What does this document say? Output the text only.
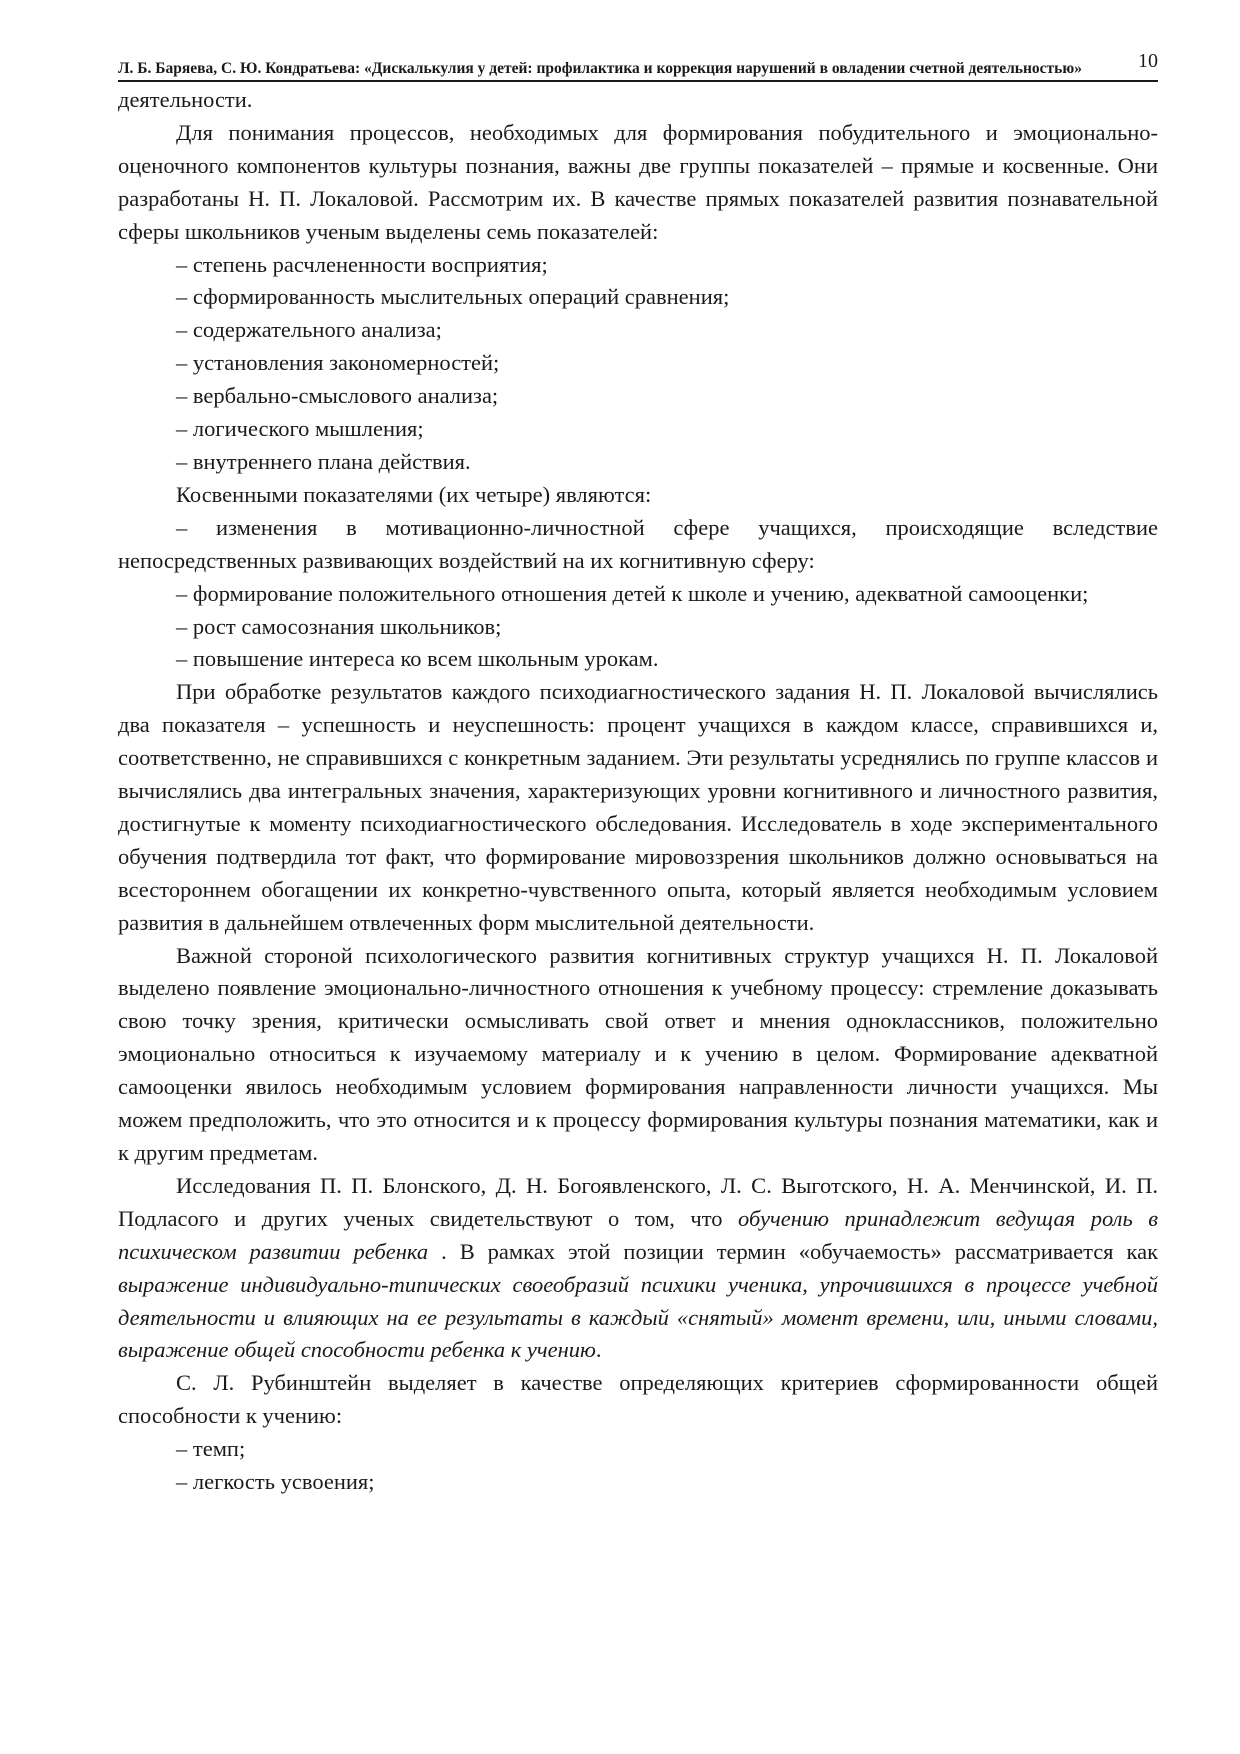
Л. Б. Баряева, С. Ю. Кондратьева: «Дискалькулия у детей: профилактика и коррекция нарушений в овладении счетной деятельностью»	10

деятельности.

Для понимания процессов, необходимых для формирования побудительного и эмоционально-оценочного компонентов культуры познания, важны две группы показателей – прямые и косвенные. Они разработаны Н. П. Локаловой. Рассмотрим их. В качестве прямых показателей развития познавательной сферы школьников ученым выделены семь показателей:

– степень расчлененности восприятия;

– сформированность мыслительных операций сравнения;

– содержательного анализа;

– установления закономерностей;

– вербально-смыслового анализа;

– логического мышления;

– внутреннего плана действия.

Косвенными показателями (их четыре) являются:

– изменения в мотивационно-личностной сфере учащихся, происходящие вследствие непосредственных развивающих воздействий на их когнитивную сферу:

– формирование положительного отношения детей к школе и учению, адекватной самооценки;

– рост самосознания школьников;

– повышение интереса ко всем школьным урокам.

При обработке результатов каждого психодиагностического задания Н. П. Локаловой вычислялись два показателя – успешность и неуспешность: процент учащихся в каждом классе, справившихся и, соответственно, не справившихся с конкретным заданием. Эти результаты усреднялись по группе классов и вычислялись два интегральных значения, характеризующих уровни когнитивного и личностного развития, достигнутые к моменту психодиагностического обследования. Исследователь в ходе экспериментального обучения подтвердила тот факт, что формирование мировоззрения школьников должно основываться на всестороннем обогащении их конкретно-чувственного опыта, который является необходимым условием развития в дальнейшем отвлеченных форм мыслительной деятельности.

Важной стороной психологического развития когнитивных структур учащихся Н. П. Локаловой выделено появление эмоционально-личностного отношения к учебному процессу: стремление доказывать свою точку зрения, критически осмысливать свой ответ и мнения одноклассников, положительно эмоционально относиться к изучаемому материалу и к учению в целом. Формирование адекватной самооценки явилось необходимым условием формирования направленности личности учащихся. Мы можем предположить, что это относится и к процессу формирования культуры познания математики, как и к другим предметам.

Исследования П. П. Блонского, Д. Н. Богоявленского, Л. С. Выготского, Н. А. Менчинской, И. П. Подласого и других ученых свидетельствуют о том, что обучению принадлежит ведущая роль в психическом развитии ребенка . В рамках этой позиции термин «обучаемость» рассматривается как выражение индивидуально-типических своеобразий психики ученика, упрочившихся в процессе учебной деятельности и влияющих на ее результаты в каждый «снятый» момент времени, или, иными словами, выражение общей способности ребенка к учению.

С. Л. Рубинштейн выделяет в качестве определяющих критериев сформированности общей способности к учению:

– темп;

– легкость усвоения;
